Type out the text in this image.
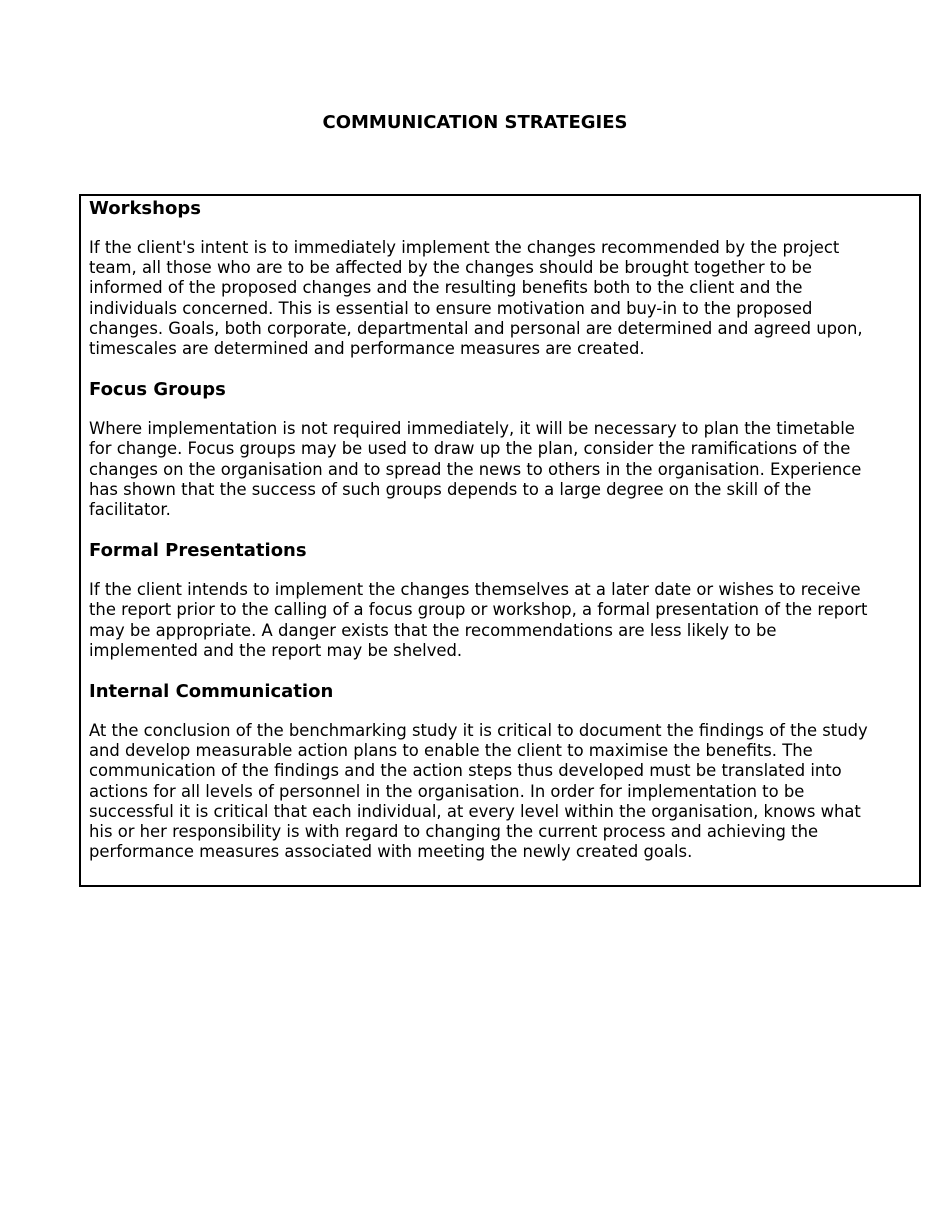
COMMUNICATION STRATEGIES
Workshops

If the client's intent is to immediately implement the changes recommended by the project
team, all those who are to be affected by the changes should be brought together to be
informed of the proposed changes and the resulting benefits both to the client and the
individuals concerned. This is essential to ensure motivation and buy-in to the proposed
changes. Goals, both corporate, departmental and personal are determined and agreed upon,
timescales are determined and performance measures are created.

Focus Groups

Where implementation is not required immediately, it will be necessary to plan the timetable
for change. Focus groups may be used to draw up the plan, consider the ramifications of the
changes on the organisation and to spread the news to others in the organisation. Experience
has shown that the success of such groups depends to a large degree on the skill of the
facilitator.

Formal Presentations

If the client intends to implement the changes themselves at a later date or wishes to receive
the report prior to the calling of a focus group or workshop, a formal presentation of the report
may be appropriate. A danger exists that the recommendations are less likely to be
implemented and the report may be shelved.

Internal Communication

At the conclusion of the benchmarking study it is critical to document the findings of the study
and develop measurable action plans to enable the client to maximise the benefits. The
communication of the findings and the action steps thus developed must be translated into
actions for all levels of personnel in the organisation. In order for implementation to be
successful it is critical that each individual, at every level within the organisation, knows what
his or her responsibility is with regard to changing the current process and achieving the
performance measures associated with meeting the newly created goals.
